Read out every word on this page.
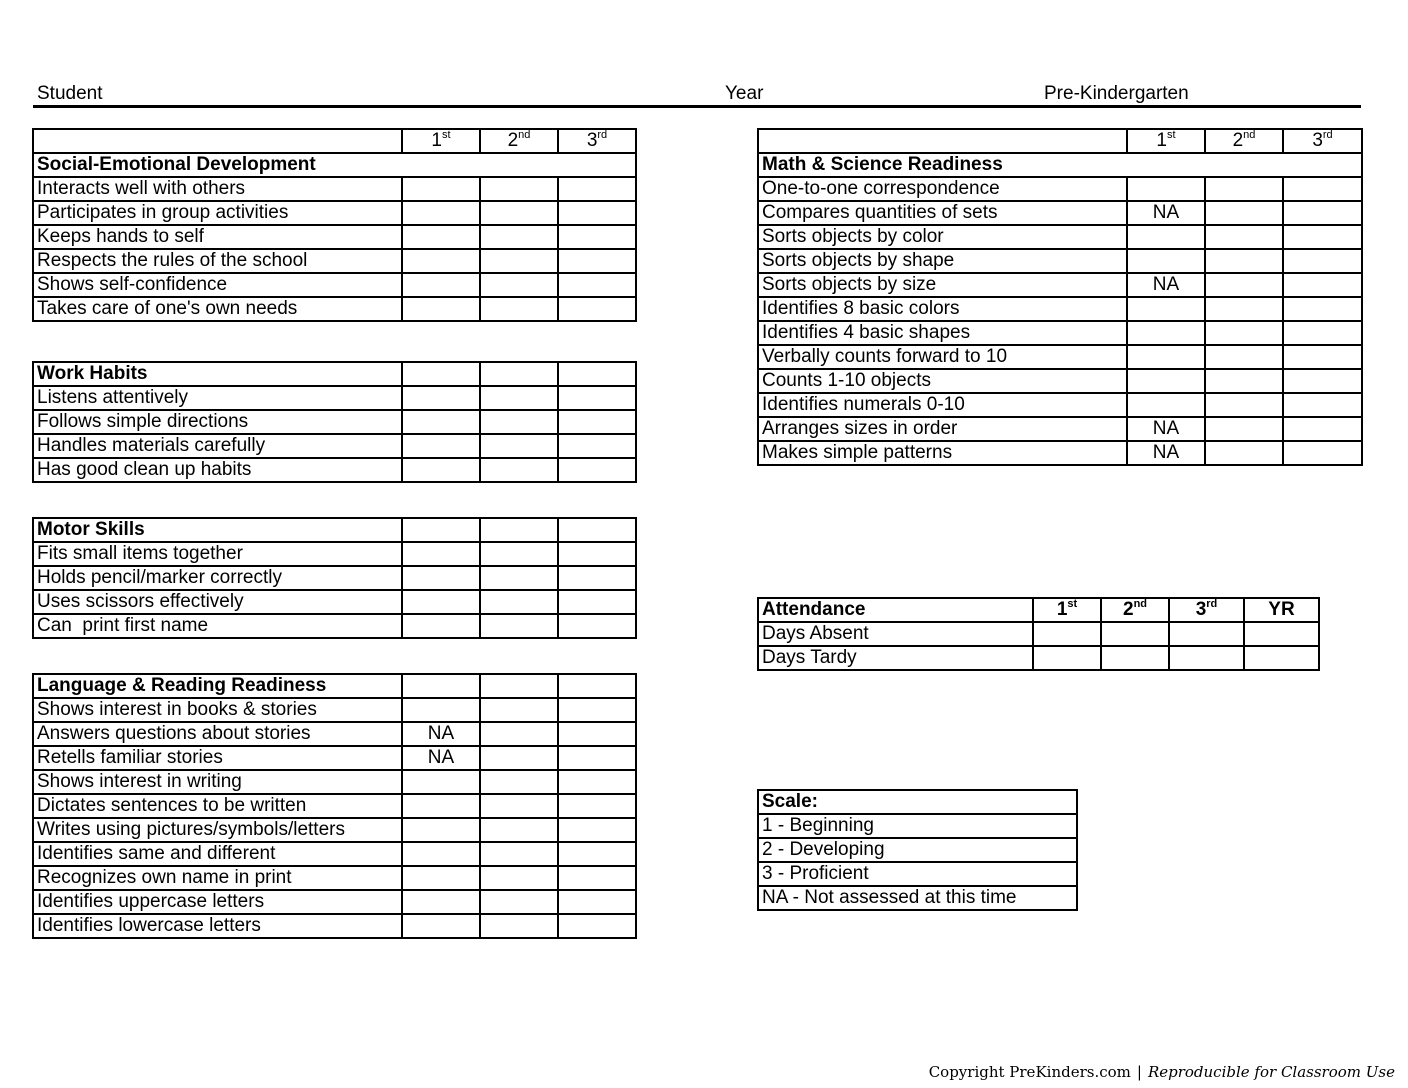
Student	Year	Pre-Kindergarten
	1st	2nd	3rd
Social-Emotional Development			
Interacts well with others			
Participates in group activities			
Keeps hands to self			
Respects the rules of the school			
Shows self-confidence			
Takes care of one's own needs			
Work Habits			
Listens attentively			
Follows simple directions			
Handles materials carefully			
Has good clean up habits			
Motor Skills			
Fits small items together			
Holds pencil/marker correctly			
Uses scissors effectively			
Can  print first name			
Language & Reading Readiness			
Shows interest in books & stories			
Answers questions about stories	NA		
Retells familiar stories	NA		
Shows interest in writing			
Dictates sentences to be written			
Writes using pictures/symbols/letters			
Identifies same and different			
Recognizes own name in print			
Identifies uppercase letters			
Identifies lowercase letters			
	1st	2nd	3rd
Math & Science Readiness			
One-to-one correspondence			
Compares quantities of sets	NA		
Sorts objects by color			
Sorts objects by shape			
Sorts objects by size	NA		
Identifies 8 basic colors			
Identifies 4 basic shapes			
Verbally counts forward to 10			
Counts 1-10 objects			
Identifies numerals 0-10			
Arranges sizes in order	NA		
Makes simple patterns	NA		
Attendance	1st	2nd	3rd	YR
Days Absent				
Days Tardy				
Scale:
1 - Beginning
2 - Developing
3 - Proficient
NA - Not assessed at this time
Copyright PreKinders.com | Reproducible for Classroom Use
